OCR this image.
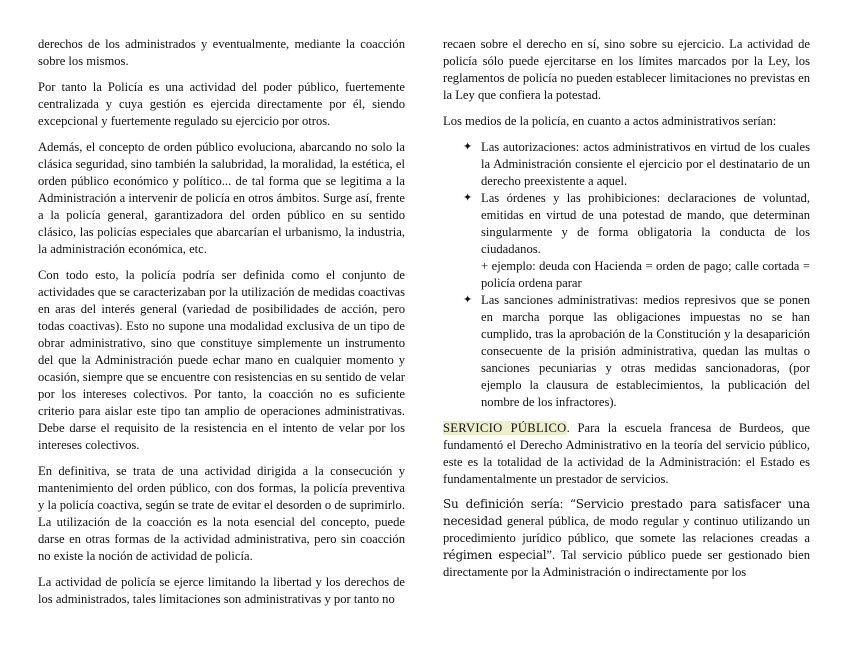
derechos de los administrados y eventualmente, mediante la coacción sobre los mismos.

Por tanto la Policía es una actividad del poder público, fuertemente centralizada y cuya gestión es ejercida directamente por él, siendo excepcional y fuertemente regulado su ejercicio por otros.

Además, el concepto de orden público evoluciona, abarcando no solo la clásica seguridad, sino también la salubridad, la moralidad, la estética, el orden público económico y político... de tal forma que se legitima a la Administración a intervenir de policía en otros ámbitos. Surge así, frente a la policía general, garantizadora del orden público en su sentido clásico, las policías especiales que abarcarían el urbanismo, la industria, la administración económica, etc.

Con todo esto, la policía podría ser definida como el conjunto de actividades que se caracterizaban por la utilización de medidas coactivas en aras del interés general (variedad de posibilidades de acción, pero todas coactivas). Esto no supone una modalidad exclusiva de un tipo de obrar administrativo, sino que constituye simplemente un instrumento del que la Administración puede echar mano en cualquier momento y ocasión, siempre que se encuentre con resistencias en su sentido de velar por los intereses colectivos. Por tanto, la coacción no es suficiente criterio para aislar este tipo tan amplio de operaciones administrativas. Debe darse el requisito de la resistencia en el intento de velar por los intereses colectivos.

En definitiva, se trata de una actividad dirigida a la consecución y mantenimiento del orden público, con dos formas, la policía preventiva y la policía coactiva, según se trate de evitar el desorden o de suprimirlo. La utilización de la coacción es la nota esencial del concepto, puede darse en otras formas de la actividad administrativa, pero sin coacción no existe la noción de actividad de policía.

La actividad de policía se ejerce limitando la libertad y los derechos de los administrados, tales limitaciones son administrativas y por tanto no

recaen sobre el derecho en sí, sino sobre su ejercicio. La actividad de policía sólo puede ejercitarse en los límites marcados por la Ley, los reglamentos de policía no pueden establecer limitaciones no previstas en la Ley que confiera la potestad.

Los medios de la policía, en cuanto a actos administrativos serían:

✦ Las autorizaciones: actos administrativos en virtud de los cuales la Administración consiente el ejercicio por el destinatario de un derecho preexistente a aquel.
✦ Las órdenes y las prohibiciones: declaraciones de voluntad, emitidas en virtud de una potestad de mando, que determinan singularmente y de forma obligatoria la conducta de los ciudadanos.
+ ejemplo: deuda con Hacienda = orden de pago; calle cortada = policía ordena parar
✦ Las sanciones administrativas: medios represivos que se ponen en marcha porque las obligaciones impuestas no se han cumplido, tras la aprobación de la Constitución y la desaparición consecuente de la prisión administrativa, quedan las multas o sanciones pecuniarias y otras medidas sancionadoras, (por ejemplo la clausura de establecimientos, la publicación del nombre de los infractores).

SERVICIO PÚBLICO. Para la escuela francesa de Burdeos, que fundamentó el Derecho Administrativo en la teoría del servicio público, este es la totalidad de la actividad de la Administración: el Estado es fundamentalmente un prestador de servicios.

Su definición sería: “Servicio prestado para satisfacer una necesidad general pública, de modo regular y continuo utilizando un procedimiento jurídico público, que somete las relaciones creadas a régimen especial”. Tal servicio público puede ser gestionado bien directamente por la Administración o indirectamente por los
